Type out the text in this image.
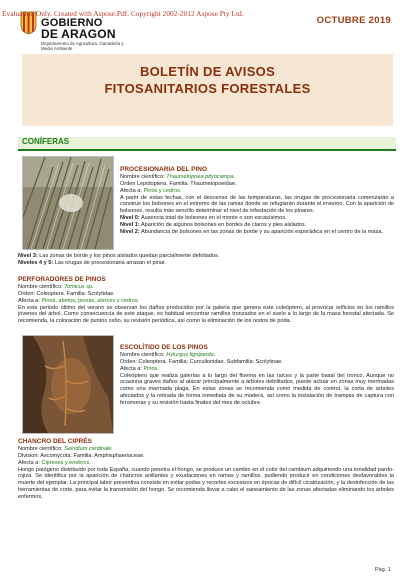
Evaluation Only. Created with Aspose.Pdf. Copyright 2002-2012 Aspose Pty Ltd.
GOBIERNO
DE ARAGON
Departamento de Agricultura, Ganadería y Medio Ambiente
OCTUBRE 2019
BOLETÍN DE AVISOS
FITOSANITARIOS FORESTALES
CONÍFERAS

PROCESIONARIA DEL PINO

Nombre científico: Thaumetopoea pityocampa.

Orden Lepidoptera. Familia: Thaumetopoeidae.

Afecta a: Pinos y cedros.

A partir de estas fechas, con el descenso de las temperaturas, las orugas de procesionaria comenzarán a construir los bolsones en el extremo de las ramas donde se refugiarán durante el invierno. Con la aparición de bolsones, resulta más sencillo determinar el nivel de infestación de los pinares.

Nivel 0: Ausencia total de bolsones en el monte o son escasísimos.

Nivel 1: Aparición de algunos bolsones en bordes de claros y pies aislados.

Nivel 2: Abundancia de bolsones en las zonas de borde y su aparición esporádica en el centro de la masa.

Nivel 3: Las zonas de borde y los pinos aislados quedan parcialmente defoliados.

Niveles 4 y 5: Las orugas de procesionaria arrasan el pinar.

PERFORADORES DE PINOS

Nombre científico: Tomicus sp.

Orden: Coleoptera. Familia: Scolytidae.

Afecta a: Pinos, abetos, piceas, alerces y cedros.

En este periodo último del verano se observan los daños producidos por la galería que genera este coleóptero, al provocar orificios en los ramillos jóvenes del árbol. Como consecuencia de este ataque, es habitual encontrar ramillos tronzados en el suelo a lo largo de la masa forestal afectada. Se recomienda, la coloración de puntos cebo, su revisión periódica, así como la eliminación de los restos de poda.

ESCOLÍTIDO DE LOS PINOS

Nombre científico: Hylurgus ligniperda.

Orden: Coleoptera. Familia: Curculionidae. Subfamilia: Scolytinae.

Afecta a: Pinos.

Coleóptero que realiza galerías a lo largo del floema en las raíces y la parte basal del tronco. Aunque no ocasiona graves daños al atacar principalmente a árboles debilitados, puede actuar en zonas muy mermadas como una marmada plaga. En estas zonas se recomienda como medida de control, la corta de árboles afectados y la retirada de forma inmediata de su madera, así como la instalación de trampas de captura con feromonas y su revisión hasta finales del mes de octubre.

CHANCRO DEL CIPRÉS

Nombre científico: Seiridium cardinale.

Division: Ascomycota. Familia: Amphisphaeriaceae.

Afecta a: Cipreses y enebros.

Hongo patógeno distribuido por toda España, cuando penetra el hongo, se produce un cambio en el color del cambium adquiriendo una tonalidad pardo-rojiza. Se identifica por la aparición de chancros anillantes y exudaciones en ramas y ramillos, pudiendo producir en condiciones desfavorables la muerte del ejemplar. La principal labor preventiva consiste en evitar podas y recortes excesivos en épocas de difícil cicatrización, y la desinfección de las herramientas de corte, para evitar la transmisión del hongo. Se recomienda llevar a cabo el saneamiento de las zonas afectadas eliminando los árboles enfermos.

Pág. 1
